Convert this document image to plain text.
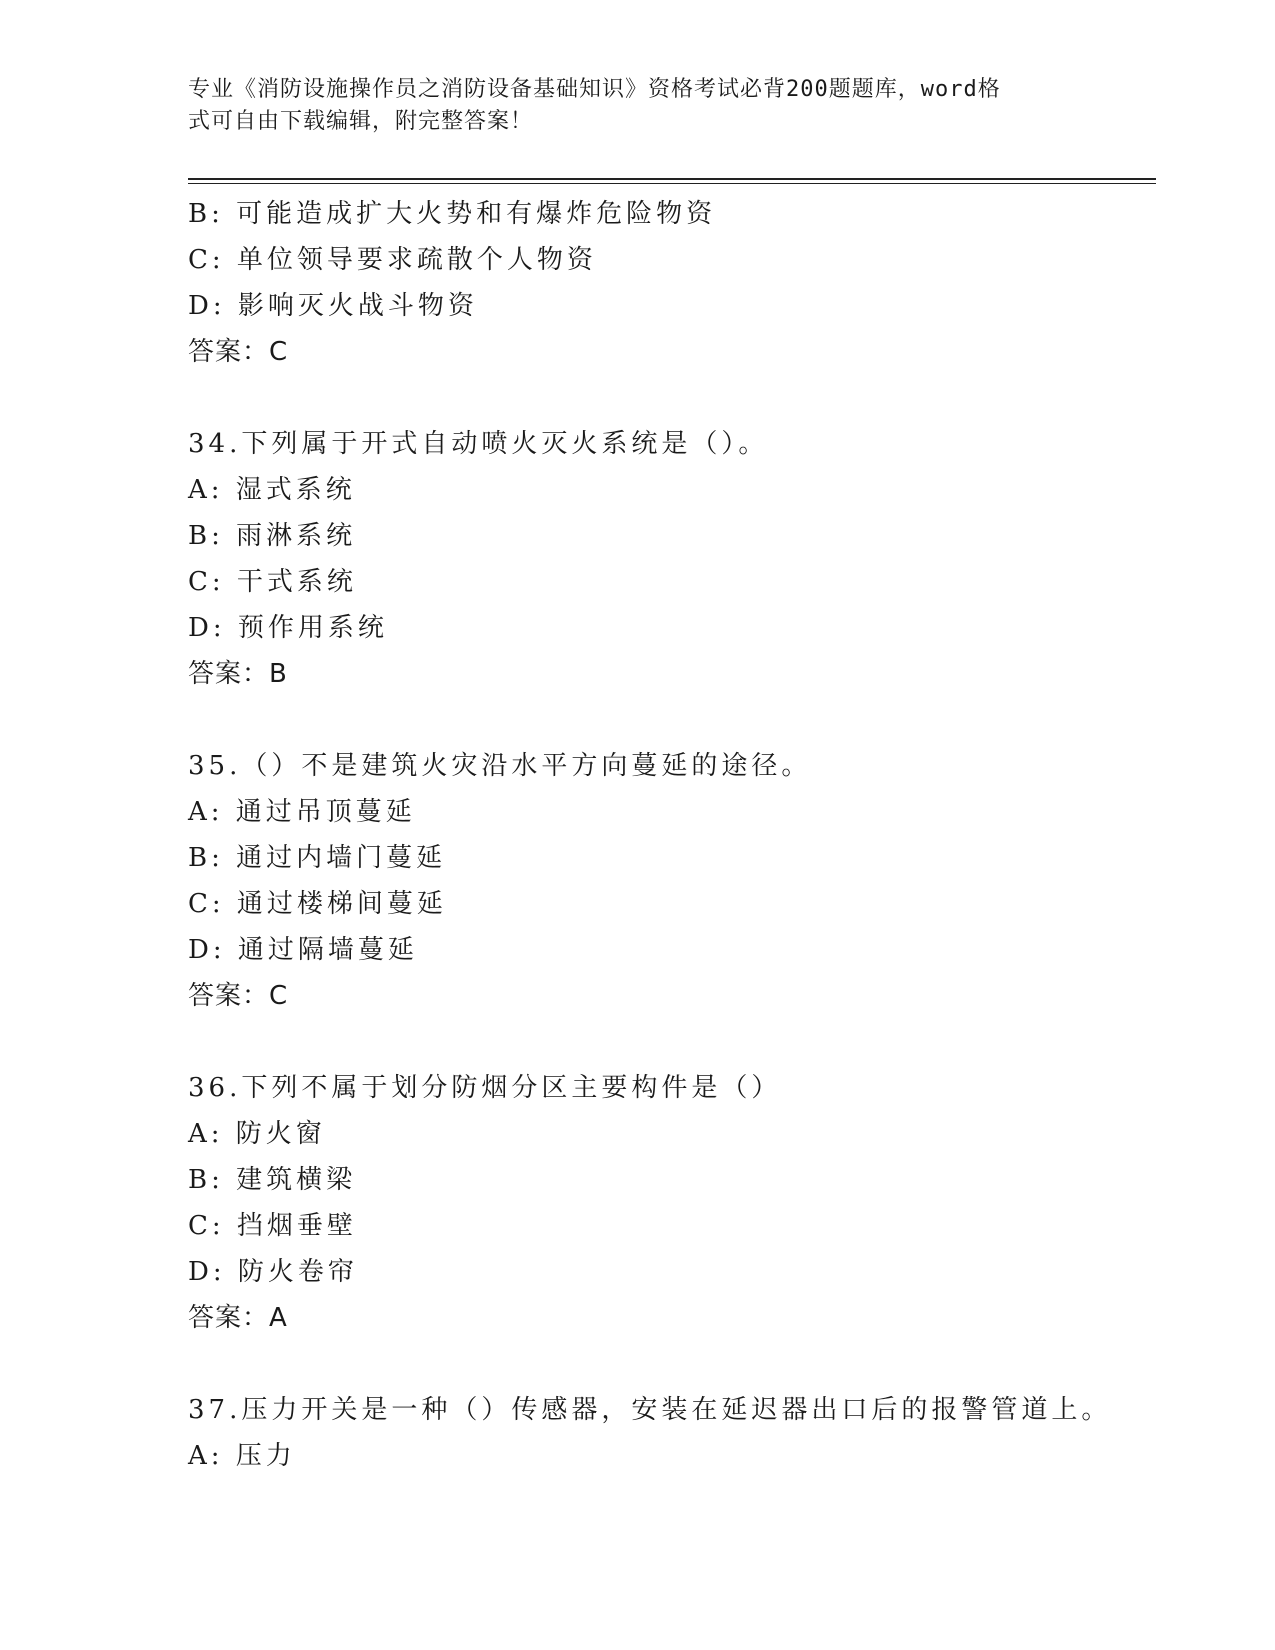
专业《消防设施操作员之消防设备基础知识》资格考试必背200题题库，word格
式可自由下载编辑，附完整答案！
B: 可能造成扩大火势和有爆炸危险物资
C: 单位领导要求疏散个人物资
D: 影响灭火战斗物资
答案：C
34.下列属于开式自动喷火灭火系统是（）。
A: 湿式系统
B: 雨淋系统
C: 干式系统
D: 预作用系统
答案：B
35.（）不是建筑火灾沿水平方向蔓延的途径。
A: 通过吊顶蔓延
B: 通过内墙门蔓延
C: 通过楼梯间蔓延
D: 通过隔墙蔓延
答案：C
36.下列不属于划分防烟分区主要构件是（）
A: 防火窗
B: 建筑横梁
C: 挡烟垂壁
D: 防火卷帘
答案：A
37.压力开关是一种（）传感器，安装在延迟器出口后的报警管道上。
A: 压力
